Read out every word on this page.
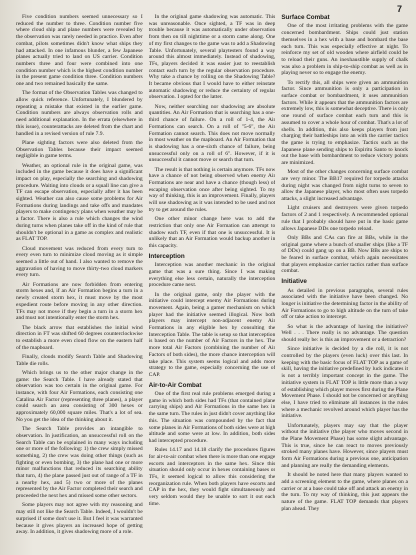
7

Five condition numbers seemed unnecessary so I reduced the number to three. Condition number five where cloud ship and plane numbers were revealed by the observation was rarely needed in practice. Even after combat, pilots sometimes didn't know what ships they had attacked. In one infamous blunder, a few Japanese planes actually tried to land on US carrier. Condition numbers three and four were combined into one condition number which is the highest condition number in the present game condition three. Condition numbers one and two remained basically the same.

The format of the Observation Tables was changed to allow quick reference. Unfortunately, I blundered by repeating a mistake that existed in the earlier game. Condition numbers are always observation rolls and need additional explanation. In the errata (elsewhere in this issue), counterattacks are deleted from the chart and handled in a revised version of rule 7.9.

Plane sighting factors were also deleted from the Observation Tables because their impact seemed negligible in game terms.

Weather, an optional rule in the original game, was included in the game because it does have a significant impact on play, especially the searching and shadowing procedure. Waiting into clouds or a squall line can give a TF can escape observation, especially after it has been sighted. Weather can also cause some problems for Air Formations during landings and take offs and mandates players to make contingency plans when weather may be a factor. There is also a rule which changes the wind during turns when planes take off in the kind of rule that shouldn't be optional in a game as complex and realistic as FLAT TOP.

Cloud movement was reduced from every turn to every even turn to minimize cloud moving as it simple seemed a little out of hand. I also wanted to remove the aggravation of having to move thirty-two cloud markers every turn.

Air Formations are now forbidden from entering storm hexes and, if an Air Formation begins a turn in a newly created storm hex, it must move by the most expedient route before moving in any other direction. TFs may not move if they begin a turn in a storm hex and must not intentionally enter the storm hex.

The black arrow that establishes the initial wind direction in FT was shifted 60 degrees counterclockwise to establish a more even cloud flow on the eastern half of the mapboard.

Finally, clouds modify Search Table and Shadowing Table die rolls.

Which brings us to the other major change in the game: the Search Table. I have already stated that observation was too certain in the original game. For instance, with four Air Formations, each consisting one Catalina Air Factor (representing three planes), a player could search an area consisting of 300 hexes or approximately 60,000 square miles. That's a lot of sea. No you get the idea of the thinking about it.

The Search Table provides an intangible to observation. In justification, an unsuccessful roll on the Search Table can be explained in many ways including one or more of the following: 1) the crew simply missed something, 2) the crew was doing other things (such as fighting or even bombing, 3) the plane had one or more minor malfunctions that reduced its searching ability that turn, 4) the plane passed just out of range of a TF in a nearby hex, and 5) two or more of the planes represented by the Air Factor completed their search and proceeded the next hex and missed some other sectors.

Some players may not agree with my reasoning and may still not like the Search Table. Indeed, I wouldn't be surprised if some don't use it. But I feel it was warranted because it gives players an increased hope of getting away. In addition, it gives shadowing more of a role.

In the original game shadowing was automatic. This was unreasonable. Once sighted, a TF was in deep trouble because it was automatically under observation from then on till nighttime or a storm came along. One of my first changes to the game was to add a Shadowing Table. Unfortunately, several playtesters found a way around this almost immediately. Instead of shadowing, TFs, players decided it was easier just to reestablish contact each turn by the regular observation procedure. Why take a chance by rolling on the Shadowing Table? It became obvious that I would have to either reinstate automatic shadowing or reduce the certainty of regular observation. I opted for the latter.

Now, neither searching nor shadowing are absolute quantities. An Air Formation that is searching has a one-third chance of failure. On a roll of 1-4, the Air Formations can search. On a roll of "5-6", the Air Formation cannot search. This does not move normally in most weather on the mapboard. An Air Formation that is shadowing has a one-sixth chance of failure, being unsuccessful only on a roll of 6". However, if it is unsuccessful it cannot move or search that turn.

The result is that nothing is certain anymore. TFs now have a chance of not being observed when enemy Air Formations are near and have a chance (though less) of escaping observation once after being sighted. To my way of thinking, this is an improvement. Finally, players will use shadowing as it was intended to be used and not try to get around the rules.

One other minor change here was to add the restriction that only one Air Formation can attempt to shadow each TF, even if that one is unsuccessful. It is unlikely that an Air Formation would backup another in this capacity.

Interception

Interception was another mechanic in the original game that was a sure thing. Since I was making everything else less certain, naturally the interception procedure came next.

In the original game, only the player with the initiative could intercept enemy Air Formations during movement. Again, being a gamer mechanism on which player had the initiative seemed illogical. Now both players may intercept non-adjacent enemy Air Formations in any eligible hex by consulting the Interception Table. The table is setup so that interception is based on the number of Air Factors in the hex. The more total Air Factors (combining the number of Air Factors of both sides), the more chance interception will take place. This system seems logical and adds more strategy to the game, especially concerning the use of CAP.

Air-to-Air Combat

One of the first real rule problems emerged during a game in which both sides had TFs (that contained plane carrying ships) and Air Formations in the same hex in the same turn. The rules in just didn't cover anything like this. The situation was compounded by the fact that some planes in Air Formations of both sides were at high altitude and some were at low. In addition, both sides had intercepted procedure.

Rules 14.17 and 14.18 clarify the procedures figures for air-to-air combat when there is more than one engage escorts and interceptors in the same hex. Since this situation should only occur in hexes containing bases or TFs, it seemed logical to allow this considering the reorganization rule. When both players have escorts and CAP in the hex, they would fight simultaneously and very seldom would they be unable to sort it out each time.

Surface Combat

One of the most irritating problems with the game concerned bombardment. Ships could just station themselves in a hex with a base and bombard the base each turn. This was especially effective at night. To reinforce my set of old wooden where airfield could be to reload their guns. An inexhaustible supply of chalk was also a problem in ship-to-ship combat as well as in playing never so to engage the enemy.

To rectify this, all ships were given an ammunition factor. Since ammunition is only a participation in surface combat or bombardment, it uses ammunition factors. While it appears that the ammunition factors are extremely low, this is somewhat deceptive. There is only one round of surface combat each turn and this is assumed to cover a whole hour of combat. That's a lot of shells. In addition, this also keeps players from just charging their battleships into an with the carrier tactics the game is trying to emphasize. Tactics such as the Japanese plane sending ships to Espiritu Santo to knock out the base with bombardment to reduce victory points are minimized.

Most of the other changes concerning surface combat are very minor. The BB17 required for torpedo attacks during night was changed from night turns to seven to allow the Japanese player, who most often uses torpedo attacks, a slight increased advantage.

Light cruisers and destroyers were given torpedo factors of 2 and 1 respectively. A recommended optional rule that I probably should have put in the basic game allows Japanese DDs one torpedo reload.

Only BBs and CAs can fire at BBs, while in the original game where a bunch of smaller ships (like a TF of DDs) could gang up on a BB. Now BBs are ships to be feared in surface combat, which again necessitates that players emphasize carrier tactics rather than surface combat.

Initiative

As detailed in previous paragraphs, several rules associated with the initiative have been changed. No longer is initiative the determining factor in the ability of Air Formations to go to high altitude on the turn of take off or take action to intercept.

So what is the advantage of having the initiative? Well . . . There really is no advantage. The question should really be: is this an improvement or a detraction?

Since initiative is decided by a die roll, it is not controlled by the players (even luck) over this last. In keeping with the basic focus of FLAT TOP as a game of skill, having the initiative predefined by luck indicates it is not a terribly important concept in the game. The initiative system in FLAT TOP is little more than a way of establishing which player moves first during the Plane Movement Phase. I should not be concerned or anything else, I have tried to eliminate all instances in the rules where a mechanic revolved around which player has the initiative.

Unfortunately, players may say that the player without the initiative (the player who moves second in the Plane Movement Phase) has some slight advantage. This is true, since he can react to moves previously stroked many planes have. However, since players must form Air Formations during a previous one, anticipation and planning are really the demanding elements.

It should be noted here that many players wanted to add a screening element to the game, where planes on a carrier or at a base could take off and attack an enemy in the turn. To my way of thinking, this just appears the nature of the game. FLAT TOP demands that players plan ahead. They
